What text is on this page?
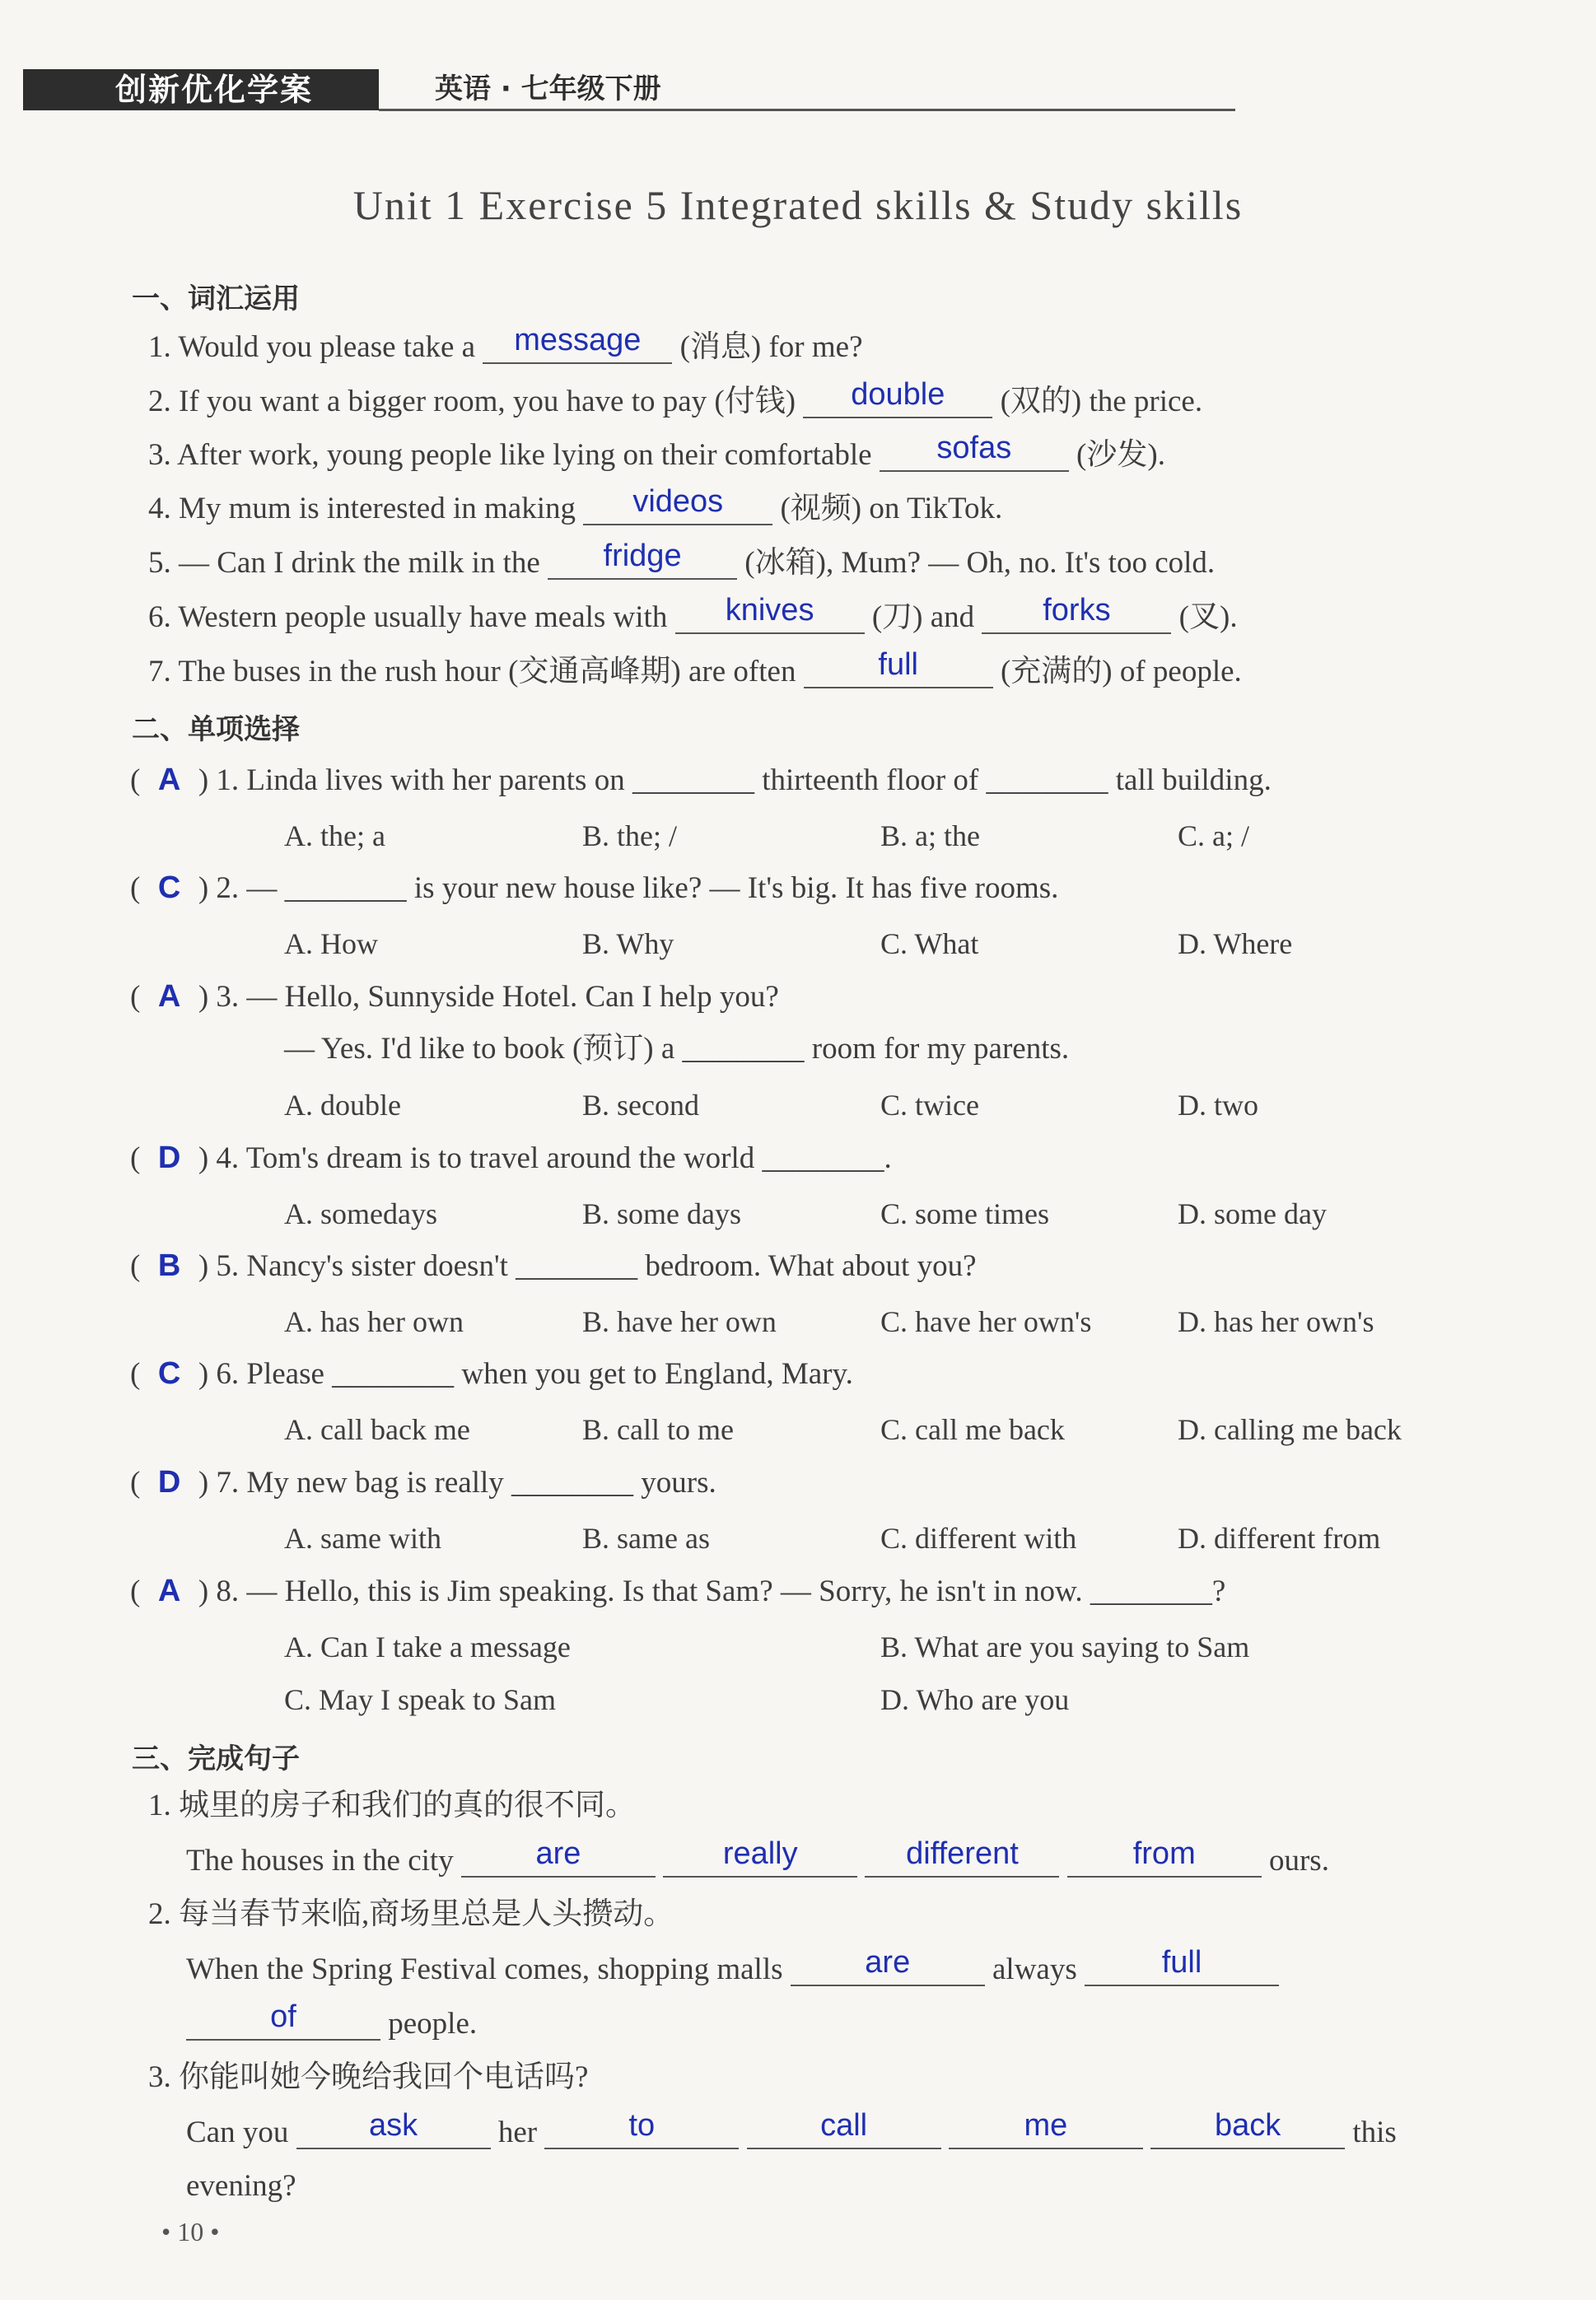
创新优化学案	英语 · 七年级下册
Unit 1 Exercise 5 Integrated skills & Study skills
一、词汇运用
1. Would you please take a message (消息) for me?
2. If you want a bigger room, you have to pay (付钱) double (双的) the price.
3. After work, young people like lying on their comfortable sofas (沙发).
4. My mum is interested in making videos (视频) on TikTok.
5. — Can I drink the milk in the fridge (冰箱), Mum? — Oh, no. It's too cold.
6. Western people usually have meals with knives (刀) and forks (叉).
7. The buses in the rush hour (交通高峰期) are often	full	(充满的) of people.
二、单项选择
( A ) 1. Linda lives with her parents on ________ thirteenth floor of ________ tall building.
A. the; a	B. the; /	B. a; the	C. a; /
( C ) 2. — ________ is your new house like? — It's big. It has five rooms.
A. How	B. Why	C. What	D. Where
( A ) 3. — Hello, Sunnyside Hotel. Can I help you?
— Yes. I'd like to book (预订) a ________ room for my parents.
A. double	B. second	C. twice	D. two
( D ) 4. Tom's dream is to travel around the world ________.
A. somedays	B. some days	C. some times	D. some day
( B ) 5. Nancy's sister doesn't ________ bedroom. What about you?
A. has her own	B. have her own	C. have her own's	D. has her own's
( C ) 6. Please ________ when you get to England, Mary.
A. call back me	B. call to me	C. call me back	D. calling me back
( D ) 7. My new bag is really ________ yours.
A. same with	B. same as	C. different with	D. different from
( A ) 8. — Hello, this is Jim speaking. Is that Sam? — Sorry, he isn't in now. ________?
A. Can I take a message	B. What are you saying to Sam
C. May I speak to Sam	D. Who are you
三、完成句子
1. 城里的房子和我们的真的很不同。
The houses in the city	are	really	different	from ours.
2. 每当春节来临,商场里总是人头攒动。
When the Spring Festival comes, shopping malls	are	always	full
of	people.
3. 你能叫她今晚给我回个电话吗?
Can you	ask	her	to	call	me	back this
evening?
• 10 •
